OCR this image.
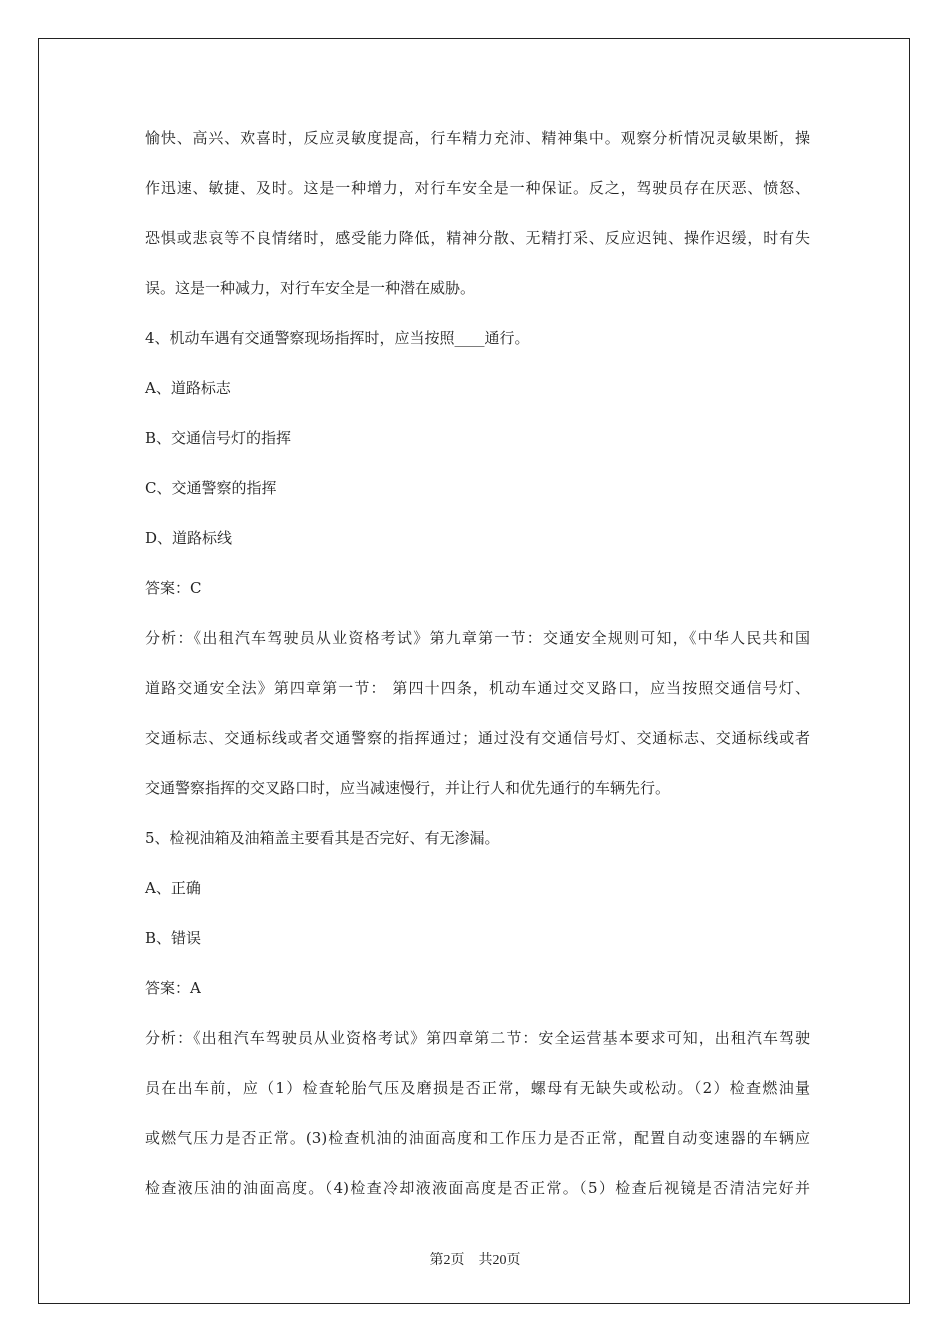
愉快、高兴、欢喜时，反应灵敏度提高，行车精力充沛、精神集中。观察分析情况灵敏果断，操
作迅速、敏捷、及时。这是一种增力，对行车安全是一种保证。反之，驾驶员存在厌恶、愤怒、
恐惧或悲哀等不良情绪时，感受能力降低，精神分散、无精打采、反应迟钝、操作迟缓，时有失
误。这是一种减力，对行车安全是一种潜在威胁。
4、机动车遇有交通警察现场指挥时，应当按照____通行。
A、道路标志
B、交通信号灯的指挥
C、交通警察的指挥
D、道路标线
答案：C
分析：《出租汽车驾驶员从业资格考试》第九章第一节：交通安全规则可知，《中华人民共和国
道路交通安全法》第四章第一节： 第四十四条，机动车通过交叉路口，应当按照交通信号灯、
交通标志、交通标线或者交通警察的指挥通过；通过没有交通信号灯、交通标志、交通标线或者
交通警察指挥的交叉路口时，应当减速慢行，并让行人和优先通行的车辆先行。
5、检视油箱及油箱盖主要看其是否完好、有无渗漏。
A、正确
B、错误
答案：A
分析：《出租汽车驾驶员从业资格考试》第四章第二节：安全运营基本要求可知，出租汽车驾驶
员在出车前，应（1）检查轮胎气压及磨损是否正常，螺母有无缺失或松动。（2）检查燃油量
或燃气压力是否正常。(3)检查机油的油面高度和工作压力是否正常，配置自动变速器的车辆应
检查液压油的油面高度。（4)检查冷却液液面高度是否正常。（5）检查后视镜是否清洁完好并
第2页 共20页
